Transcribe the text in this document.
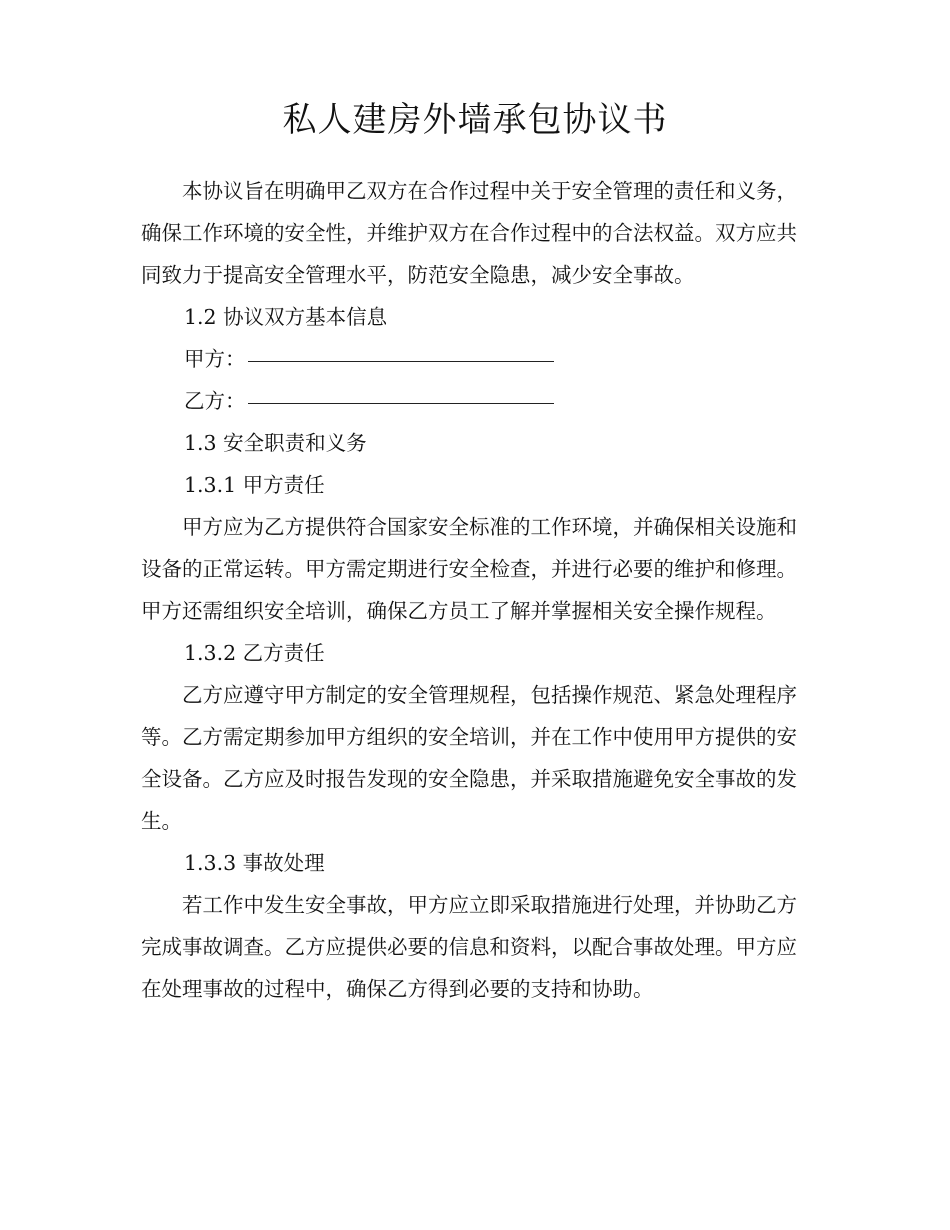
私人建房外墙承包协议书

本协议旨在明确甲乙双方在合作过程中关于安全管理的责任和义务，确保工作环境的安全性，并维护双方在合作过程中的合法权益。双方应共同致力于提高安全管理水平，防范安全隐患，减少安全事故。

1.2 协议双方基本信息

甲方：

乙方：

1.3 安全职责和义务

1.3.1 甲方责任

甲方应为乙方提供符合国家安全标准的工作环境，并确保相关设施和设备的正常运转。甲方需定期进行安全检查，并进行必要的维护和修理。甲方还需组织安全培训，确保乙方员工了解并掌握相关安全操作规程。

1.3.2 乙方责任

乙方应遵守甲方制定的安全管理规程，包括操作规范、紧急处理程序等。乙方需定期参加甲方组织的安全培训，并在工作中使用甲方提供的安全设备。乙方应及时报告发现的安全隐患，并采取措施避免安全事故的发生。

1.3.3 事故处理

若工作中发生安全事故，甲方应立即采取措施进行处理，并协助乙方完成事故调查。乙方应提供必要的信息和资料，以配合事故处理。甲方应在处理事故的过程中，确保乙方得到必要的支持和协助。
